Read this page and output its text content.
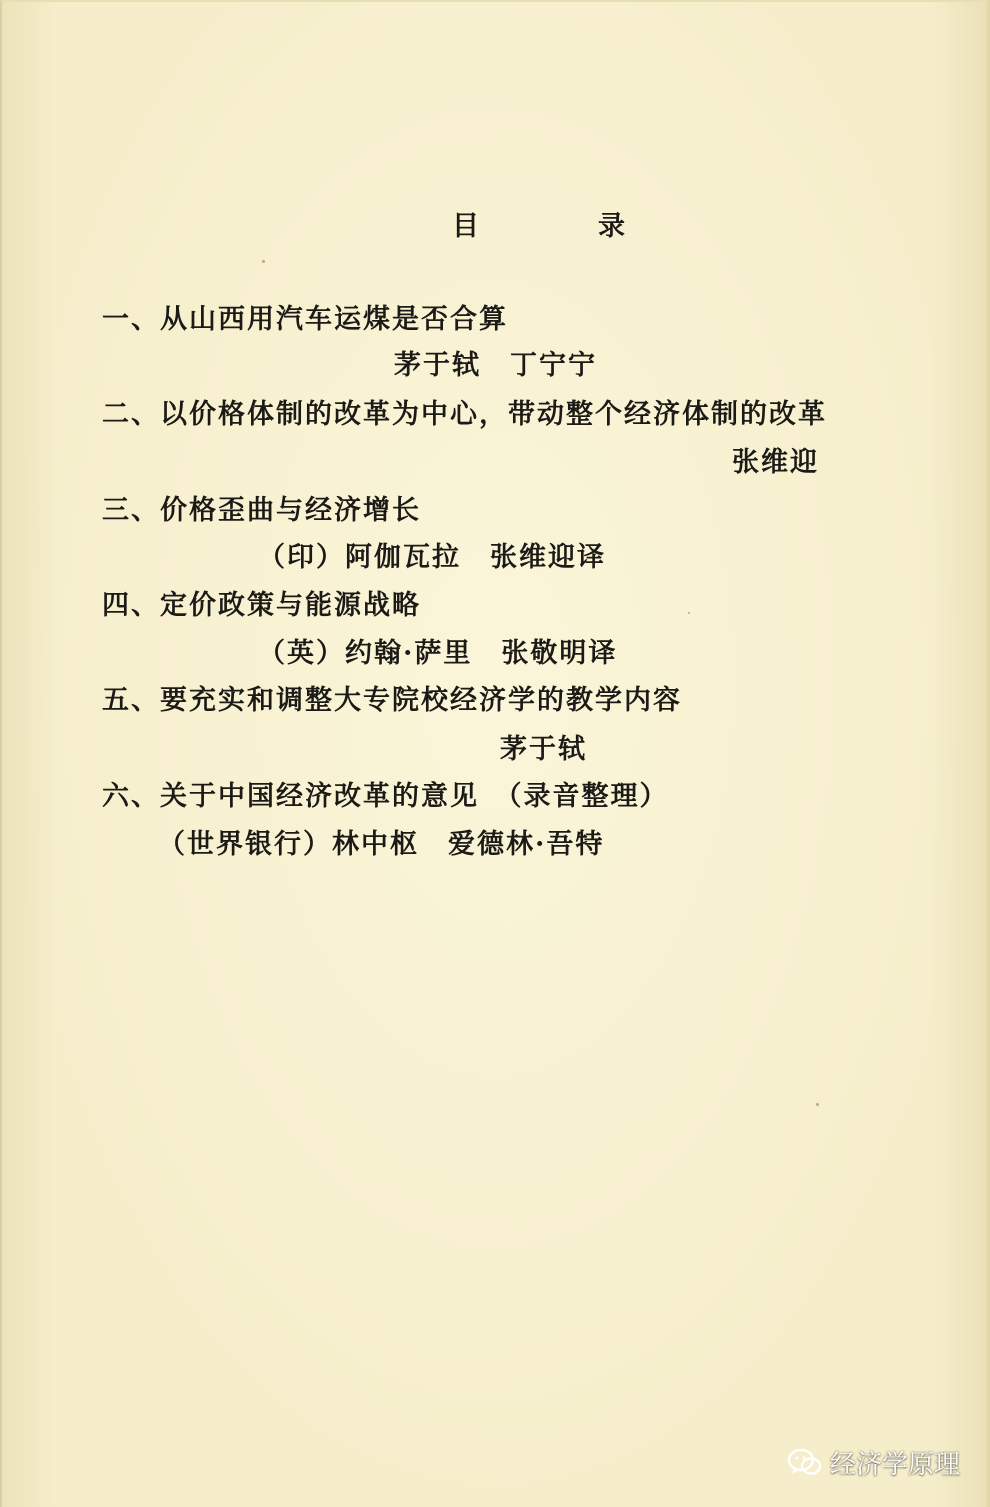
目　录
一、从山西用汽车运煤是否合算
茅于轼　丁宁宁
二、以价格体制的改革为中心，带动整个经济体制的改革
张维迎
三、价格歪曲与经济增长
（印）阿伽瓦拉　张维迎译
四、定价政策与能源战略
（英）约翰·萨里　张敬明译
五、要充实和调整大专院校经济学的教学内容
茅于轼
六、关于中国经济改革的意见　（录音整理）
（世界银行）林中枢　爱德林·吾特
经济学原理
